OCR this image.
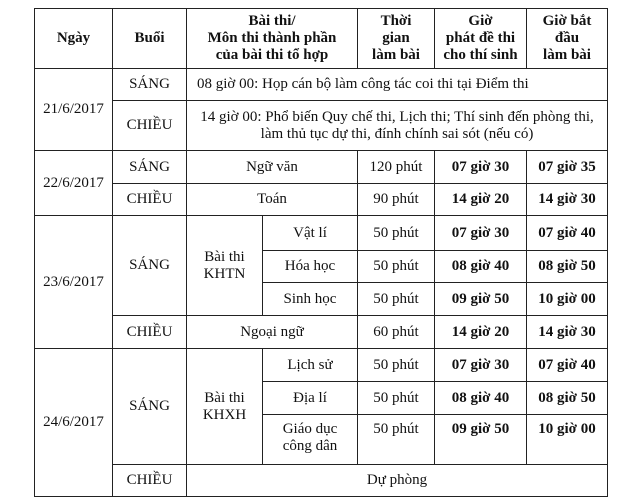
Ngày	Buổi	Bài thi/
Môn thi thành phần
của bài thi tổ hợp		Thời
gian
làm bài	Giờ
phát đề thi
cho thí sinh	Giờ bắt
đầu
làm bài
21/6/2017	SÁNG	08 giờ 00: Họp cán bộ làm công tác coi thi tại Điểm thi				
	CHIỀU	14 giờ 00: Phổ biến Quy chế thi, Lịch thi; Thí sinh đến phòng thi,
làm thủ tục dự thi, đính chính sai sót (nếu có)				
22/6/2017	SÁNG	Ngữ văn		120 phút	07 giờ 30	07 giờ 35
	CHIỀU	Toán		90 phút	14 giờ 20	14 giờ 30
23/6/2017	SÁNG	Bài thi
KHTN	Vật lí	50 phút	07 giờ 30	07 giờ 40
			Hóa học	50 phút	08 giờ 40	08 giờ 50
			Sinh học	50 phút	09 giờ 50	10 giờ 00
	CHIỀU	Ngoại ngữ		60 phút	14 giờ 20	14 giờ 30
24/6/2017	SÁNG	Bài thi
KHXH	Lịch sử	50 phút	07 giờ 30	07 giờ 40
			Địa lí	50 phút	08 giờ 40	08 giờ 50
			Giáo dục
công dân	50 phút	09 giờ 50	10 giờ 00
	CHIỀU	Dự phòng				
